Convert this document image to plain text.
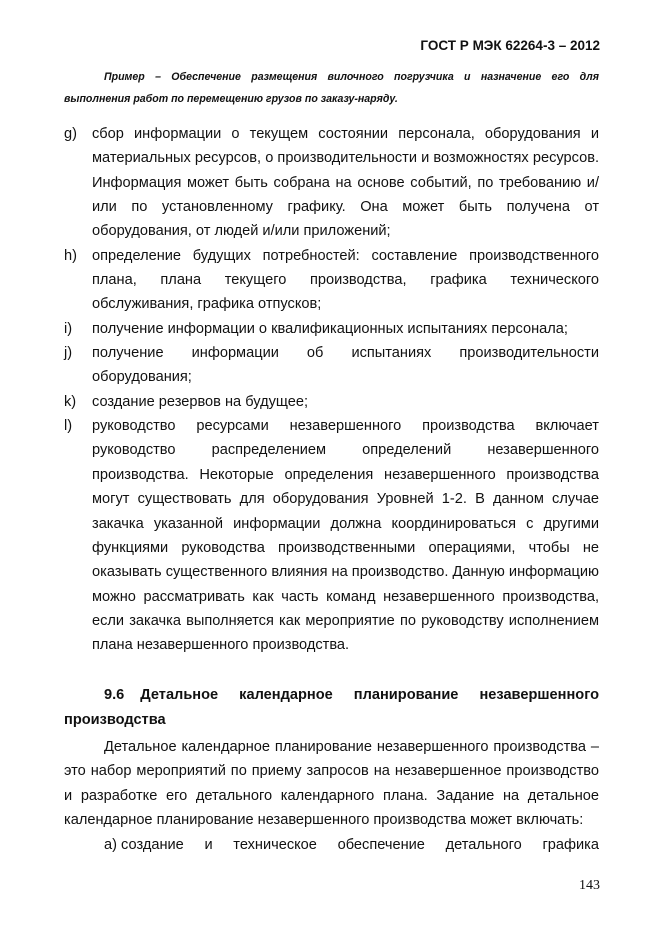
ГОСТ Р МЭК 62264-3 – 2012
Пример – Обеспечение размещения вилочного погрузчика и назначение его для выполнения работ по перемещению грузов по заказу-наряду.
g) сбор информации о текущем состоянии персонала, оборудования и материальных ресурсов, о производительности и возможностях ресурсов. Информация может быть собрана на основе событий, по требованию и/или по установленному графику. Она может быть получена от оборудования, от людей и/или приложений;
h) определение будущих потребностей: составление производственного плана, плана текущего производства, графика технического обслуживания, графика отпусков;
i) получение информации о квалификационных испытаниях персонала;
j) получение информации об испытаниях производительности оборудования;
k) создание резервов на будущее;
l) руководство ресурсами незавершенного производства включает руководство распределением определений незавершенного производства. Некоторые определения незавершенного производства могут существовать для оборудования Уровней 1-2. В данном случае закачка указанной информации должна координироваться с другими функциями руководства производственными операциями, чтобы не оказывать существенного влияния на производство. Данную информацию можно рассматривать как часть команд незавершенного производства, если закачка выполняется как мероприятие по руководству исполнением плана незавершенного производства.
9.6 Детальное календарное планирование незавершенного производства

Детальное календарное планирование незавершенного производства – это набор мероприятий по приему запросов на незавершенное производство и разработке его детального календарного плана. Задание на детальное календарное планирование незавершенного производства может включать:

а) создание и техническое обеспечение детального графика
143
